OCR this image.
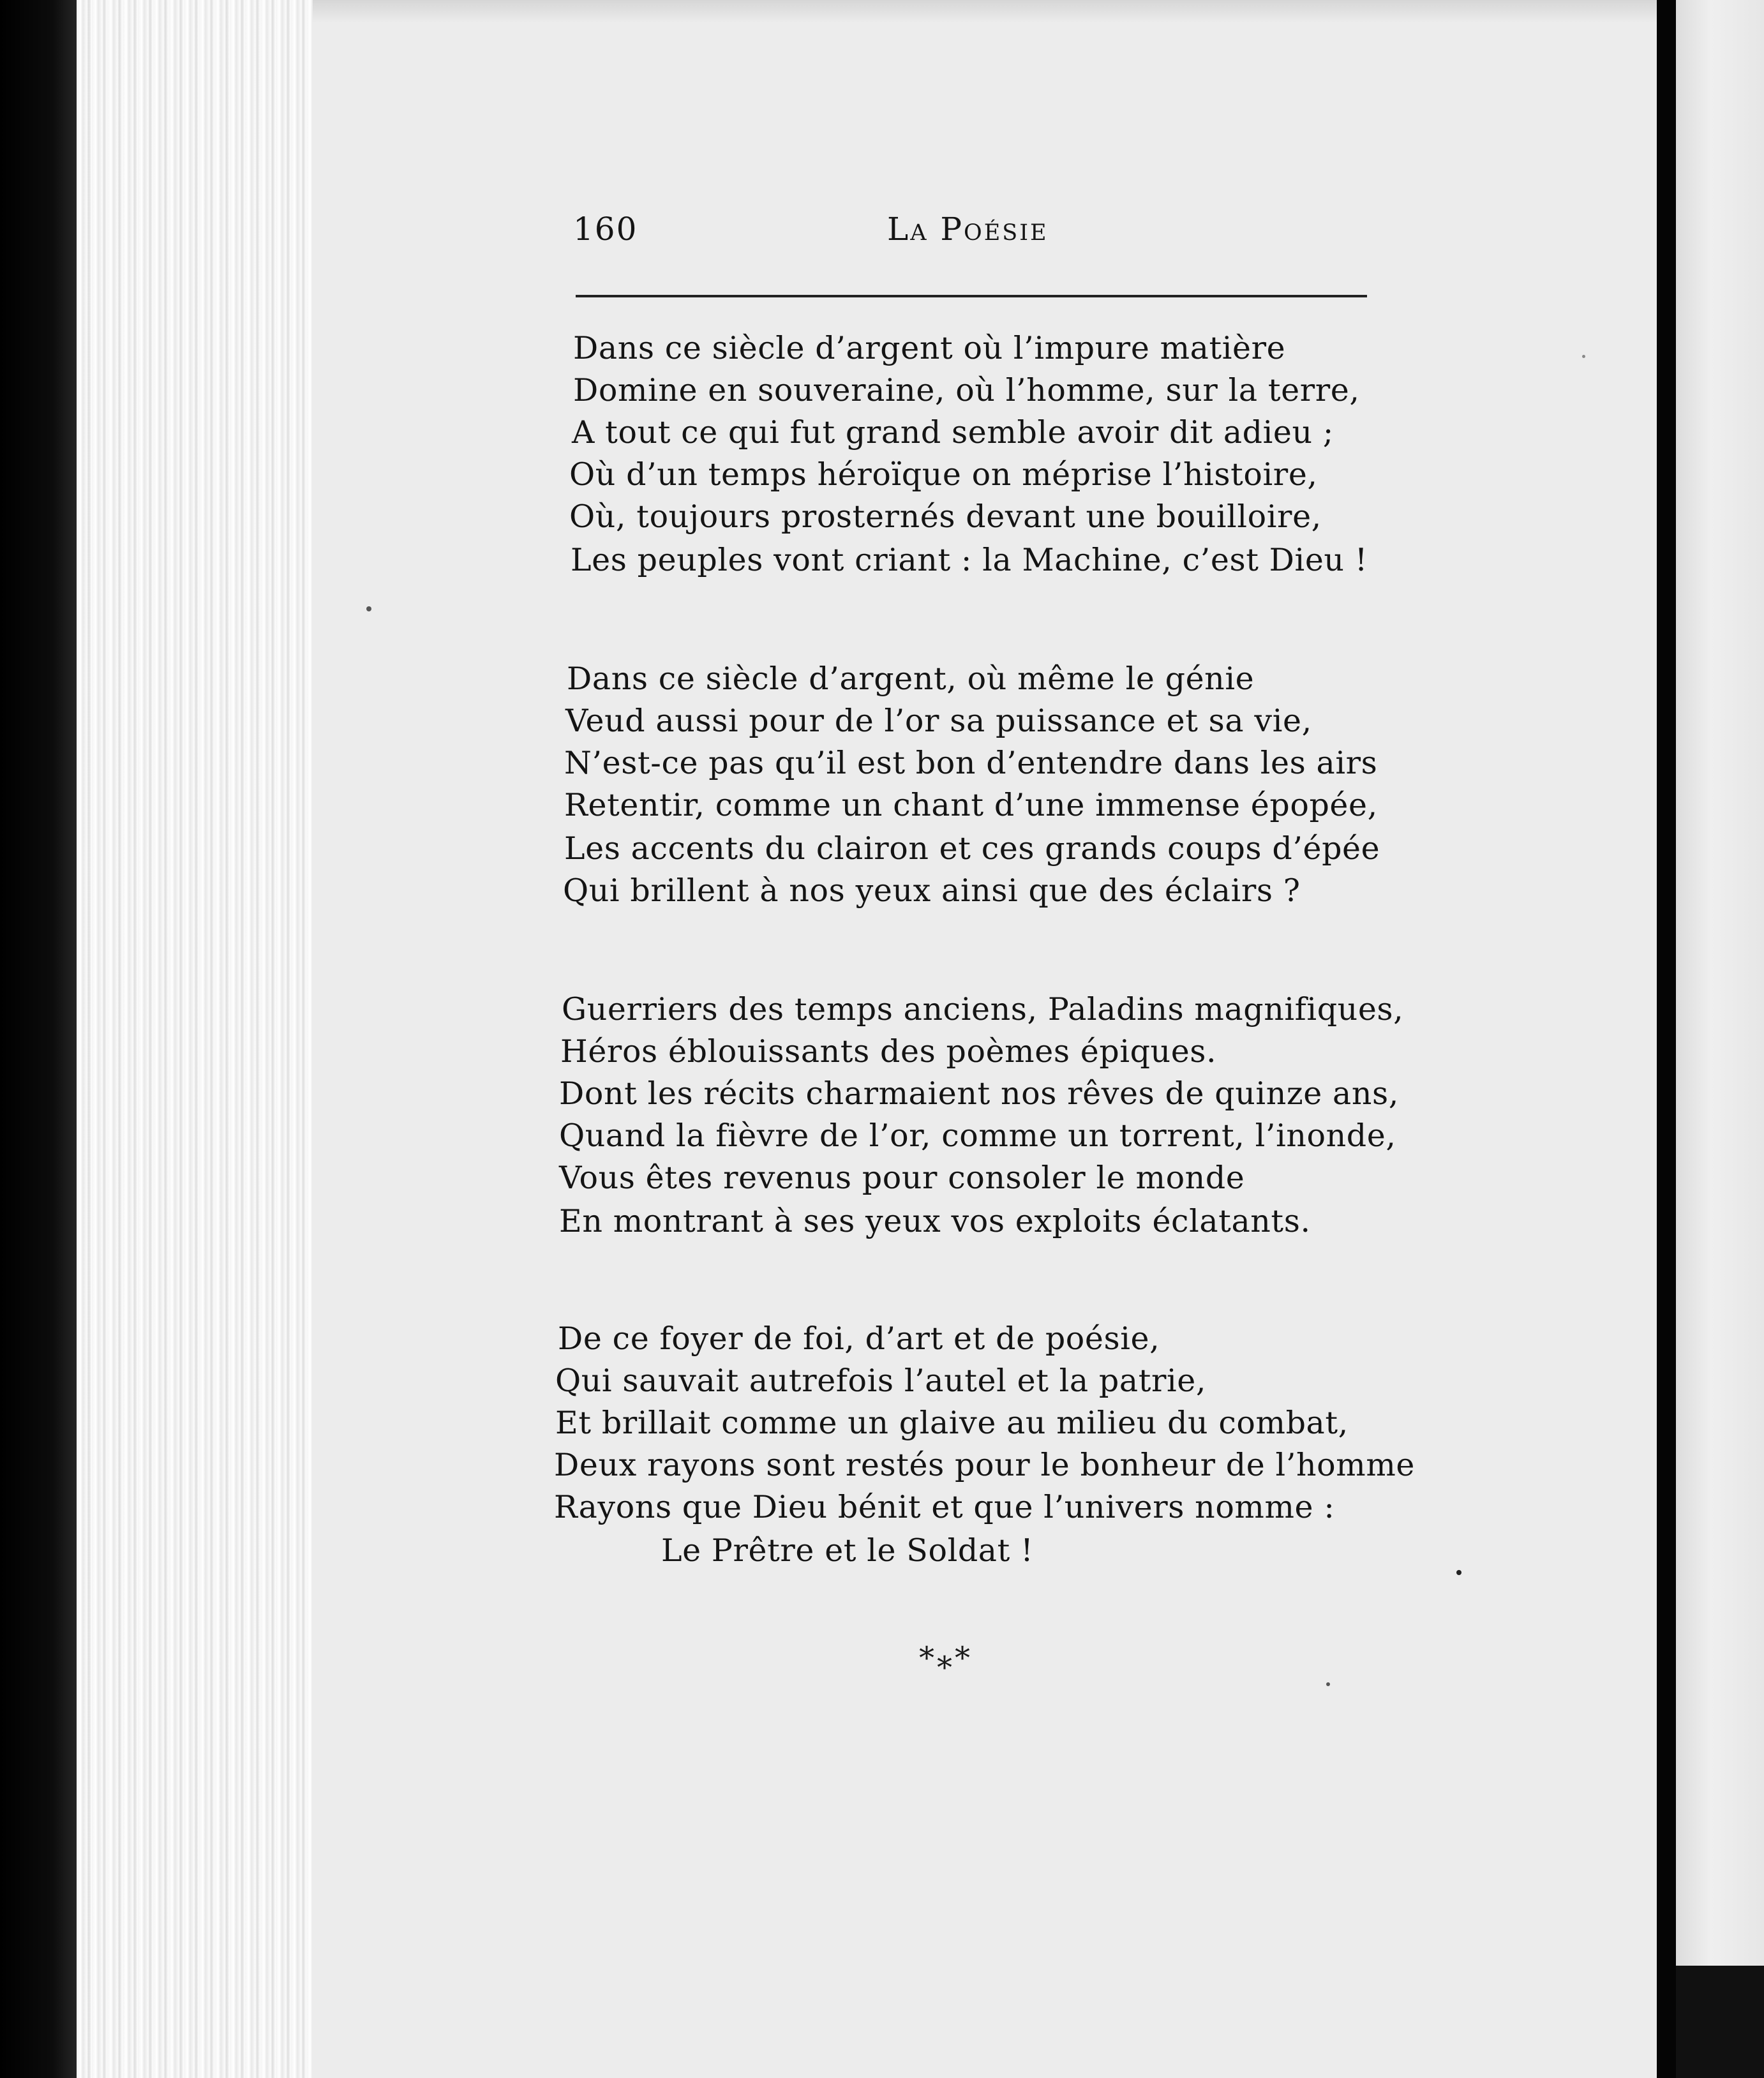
160	La Poésie
Dans ce siècle d’argent où l’impure matière
Domine en souveraine, où l’homme, sur la terre,
A tout ce qui fut grand semble avoir dit adieu ;
Où d’un temps héroïque on méprise l’histoire,
Où, toujours prosternés devant une bouilloire,
Les peuples vont criant : la Machine, c’est Dieu !
Dans ce siècle d’argent, où même le génie
Veud aussi pour de l’or sa puissance et sa vie,
N’est-ce pas qu’il est bon d’entendre dans les airs
Retentir, comme un chant d’une immense épopée,
Les accents du clairon et ces grands coups d’épée
Qui brillent à nos yeux ainsi que des éclairs ?
Guerriers des temps anciens, Paladins magnifiques,
Héros éblouissants des poèmes épiques.
Dont les récits charmaient nos rêves de quinze ans,
Quand la fièvre de l’or, comme un torrent, l’inonde,
Vous êtes revenus pour consoler le monde
En montrant à ses yeux vos exploits éclatants.
De ce foyer de foi, d’art et de poésie,
Qui sauvait autrefois l’autel et la patrie,
Et brillait comme un glaive au milieu du combat,
Deux rayons sont restés pour le bonheur de l’homme
Rayons que Dieu bénit et que l’univers nomme :
Le Prêtre et le Soldat !
*⁎*
